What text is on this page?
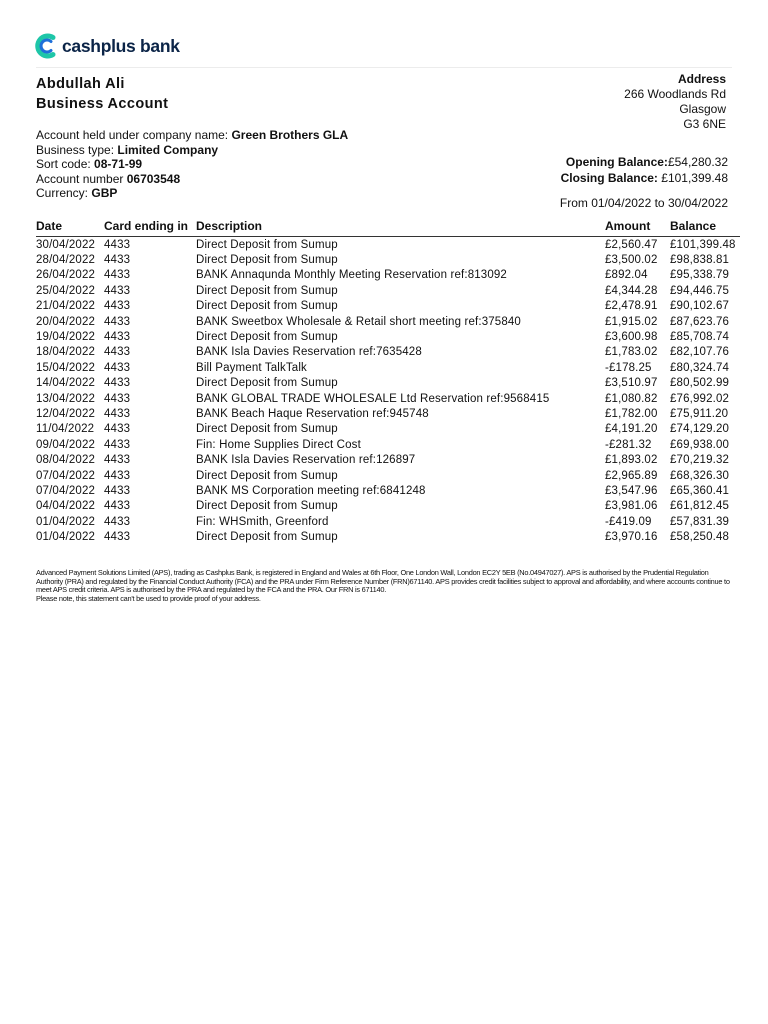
cashplus bank
Abdullah Ali
Business Account
Account held under company name: Green Brothers GLA
Business type: Limited Company
Sort code: 08-71-99
Account number 06703548
Currency: GBP
Address
266 Woodlands Rd
Glasgow
G3 6NE
Opening Balance:£54,280.32
Closing Balance: £101,399.48
From 01/04/2022 to 30/04/2022
Date	Card ending in	Description	Amount	Balance
30/04/2022	4433	Direct Deposit from Sumup	£2,560.47	£101,399.48
28/04/2022	4433	Direct Deposit from Sumup	£3,500.02	£98,838.81
26/04/2022	4433	BANK Annaqunda Monthly Meeting Reservation ref:813092	£892.04	£95,338.79
25/04/2022	4433	Direct Deposit from Sumup	£4,344.28	£94,446.75
21/04/2022	4433	Direct Deposit from Sumup	£2,478.91	£90,102.67
20/04/2022	4433	BANK Sweetbox Wholesale & Retail short meeting ref:375840	£1,915.02	£87,623.76
19/04/2022	4433	Direct Deposit from Sumup	£3,600.98	£85,708.74
18/04/2022	4433	BANK Isla Davies Reservation ref:7635428	£1,783.02	£82,107.76
15/04/2022	4433	Bill Payment TalkTalk	-£178.25	£80,324.74
14/04/2022	4433	Direct Deposit from Sumup	£3,510.97	£80,502.99
13/04/2022	4433	BANK GLOBAL TRADE WHOLESALE Ltd Reservation ref:9568415	£1,080.82	£76,992.02
12/04/2022	4433	BANK Beach Haque Reservation ref:945748	£1,782.00	£75,911.20
11/04/2022	4433	Direct Deposit from Sumup	£4,191.20	£74,129.20
09/04/2022	4433	Fin: Home Supplies Direct Cost	-£281.32	£69,938.00
08/04/2022	4433	BANK Isla Davies Reservation ref:126897	£1,893.02	£70,219.32
07/04/2022	4433	Direct Deposit from Sumup	£2,965.89	£68,326.30
07/04/2022	4433	BANK MS Corporation meeting ref:6841248	£3,547.96	£65,360.41
04/04/2022	4433	Direct Deposit from Sumup	£3,981.06	£61,812.45
01/04/2022	4433	Fin: WHSmith, Greenford	-£419.09	£57,831.39
01/04/2022	4433	Direct Deposit from Sumup	£3,970.16	£58,250.48
Advanced Payment Solutions Limited (APS), trading as Cashplus Bank, is registered in England and Wales at 6th Floor, One London Wall, London EC2Y 5EB (No.04947027). APS is authorised by the Prudential Regulation Authority (PRA) and regulated by the Financial Conduct Authority (FCA) and the PRA under Firm Reference Number (FRN)671140. APS provides credit facilities subject to approval and affordability, and where accounts continue to meet APS credit criteria. APS is authorised by the PRA and regulated by the FCA and the PRA. Our FRN is 671140.
Please note, this statement can't be used to provide proof of your address.
